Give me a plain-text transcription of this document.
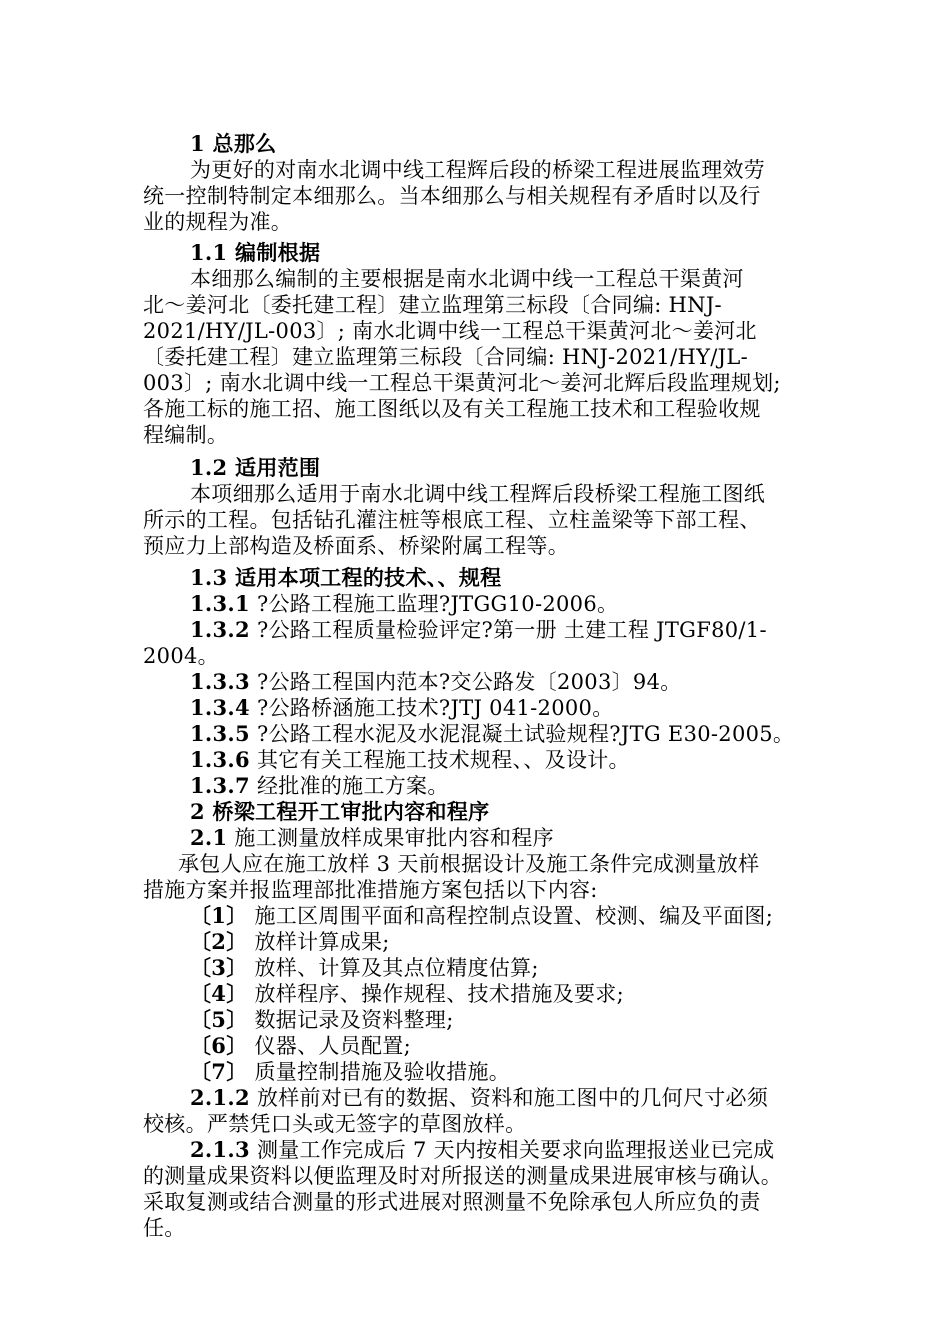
1 总那么
为更好的对南水北调中线工程辉后段的桥梁工程进展监理效劳
统一控制特制定本细那么。当本细那么与相关规程有矛盾时以及行
业的规程为准。
1.1 编制根据
本细那么编制的主要根据是南水北调中线一工程总干渠黄河
北～姜河北〔委托建工程〕建立监理第三标段〔合同编: HNJ-
2021/HY/JL-003〕; 南水北调中线一工程总干渠黄河北～姜河北
〔委托建工程〕建立监理第三标段〔合同编: HNJ-2021/HY/JL-
003〕; 南水北调中线一工程总干渠黄河北～姜河北辉后段监理规划;
各施工标的施工招、施工图纸以及有关工程施工技术和工程验收规
程编制。
1.2 适用范围
本项细那么适用于南水北调中线工程辉后段桥梁工程施工图纸
所示的工程。包括钻孔灌注桩等根底工程、立柱盖梁等下部工程、
预应力上部构造及桥面系、桥梁附属工程等。
1.3 适用本项工程的技术、、规程
1.3.1 ?公路工程施工监理?JTGG10-2006。
1.3.2 ?公路工程质量检验评定?第一册 土建工程 JTGF80/1-
2004。
1.3.3 ?公路工程国内范本?交公路发〔2003〕94。
1.3.4 ?公路桥涵施工技术?JTJ 041-2000。
1.3.5 ?公路工程水泥及水泥混凝土试验规程?JTG E30-2005。
1.3.6 其它有关工程施工技术规程、、及设计。
1.3.7 经批准的施工方案。
2 桥梁工程开工审批内容和程序
2.1 施工测量放样成果审批内容和程序
承包人应在施工放样 3 天前根据设计及施工条件完成测量放样
措施方案并报监理部批准措施方案包括以下内容:
〔1〕 施工区周围平面和高程控制点设置、校测、编及平面图;
〔2〕 放样计算成果;
〔3〕 放样、计算及其点位精度估算;
〔4〕 放样程序、操作规程、技术措施及要求;
〔5〕 数据记录及资料整理;
〔6〕 仪器、人员配置;
〔7〕 质量控制措施及验收措施。
2.1.2 放样前对已有的数据、资料和施工图中的几何尺寸必须
校核。严禁凭口头或无签字的草图放样。
2.1.3 测量工作完成后 7 天内按相关要求向监理报送业已完成
的测量成果资料以便监理及时对所报送的测量成果进展审核与确认。
采取复测或结合测量的形式进展对照测量不免除承包人所应负的责
任。
